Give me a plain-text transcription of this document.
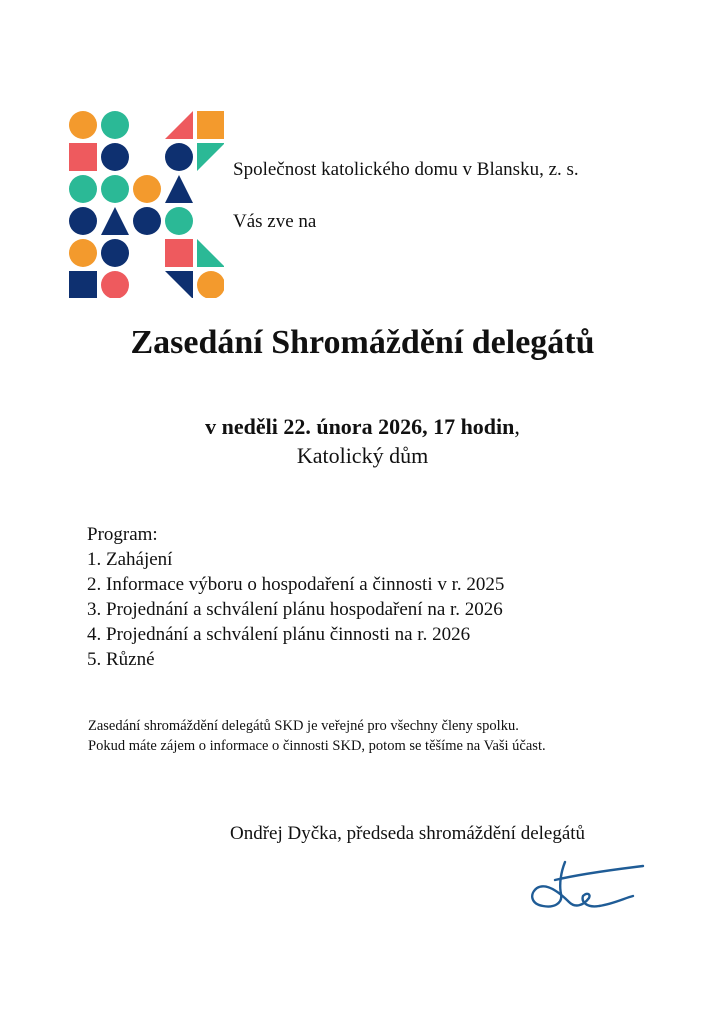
Společnost katolického domu v Blansku, z. s.
Vás zve na
Zasedání Shromáždění delegátů
v neděli 22. února 2026, 17 hodin,
Katolický dům
Program:
1. Zahájení
2. Informace výboru o hospodaření a činnosti v r. 2025
3. Projednání a schválení plánu hospodaření na r. 2026
4. Projednání a schválení plánu činnosti na r. 2026
5. Různé
Zasedání shromáždění delegátů SKD je veřejné pro všechny členy spolku.
Pokud máte zájem o informace o činnosti SKD, potom se těšíme na Vaši účast.
Ondřej Dyčka, předseda shromáždění delegátů
